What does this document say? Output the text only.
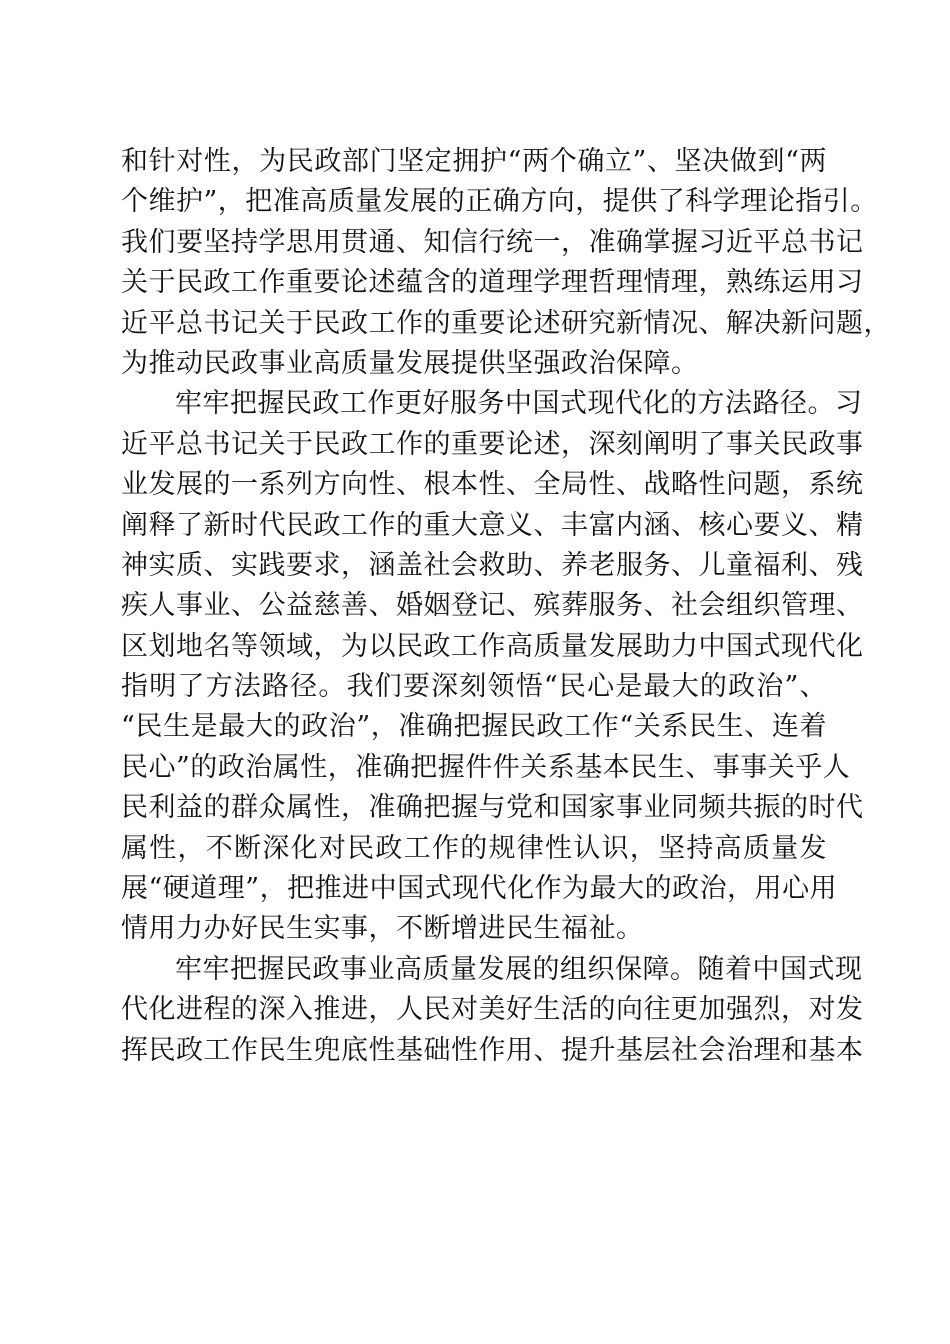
和针对性，为民政部门坚定拥护“两个确立”、坚决做到“两
个维护”，把准高质量发展的正确方向，提供了科学理论指引。
我们要坚持学思用贯通、知信行统一，准确掌握习近平总书记
关于民政工作重要论述蕴含的道理学理哲理情理，熟练运用习
近平总书记关于民政工作的重要论述研究新情况、解决新问题，
为推动民政事业高质量发展提供坚强政治保障。
牢牢把握民政工作更好服务中国式现代化的方法路径。习
近平总书记关于民政工作的重要论述，深刻阐明了事关民政事
业发展的一系列方向性、根本性、全局性、战略性问题，系统
阐释了新时代民政工作的重大意义、丰富内涵、核心要义、精
神实质、实践要求，涵盖社会救助、养老服务、儿童福利、残
疾人事业、公益慈善、婚姻登记、殡葬服务、社会组织管理、
区划地名等领域，为以民政工作高质量发展助力中国式现代化
指明了方法路径。我们要深刻领悟“民心是最大的政治”、
“民生是最大的政治”，准确把握民政工作“关系民生、连着
民心”的政治属性，准确把握件件关系基本民生、事事关乎人
民利益的群众属性，准确把握与党和国家事业同频共振的时代
属性，不断深化对民政工作的规律性认识，坚持高质量发
展“硬道理”，把推进中国式现代化作为最大的政治，用心用
情用力办好民生实事，不断增进民生福祉。
牢牢把握民政事业高质量发展的组织保障。随着中国式现
代化进程的深入推进，人民对美好生活的向往更加强烈，对发
挥民政工作民生兜底性基础性作用、提升基层社会治理和基本
